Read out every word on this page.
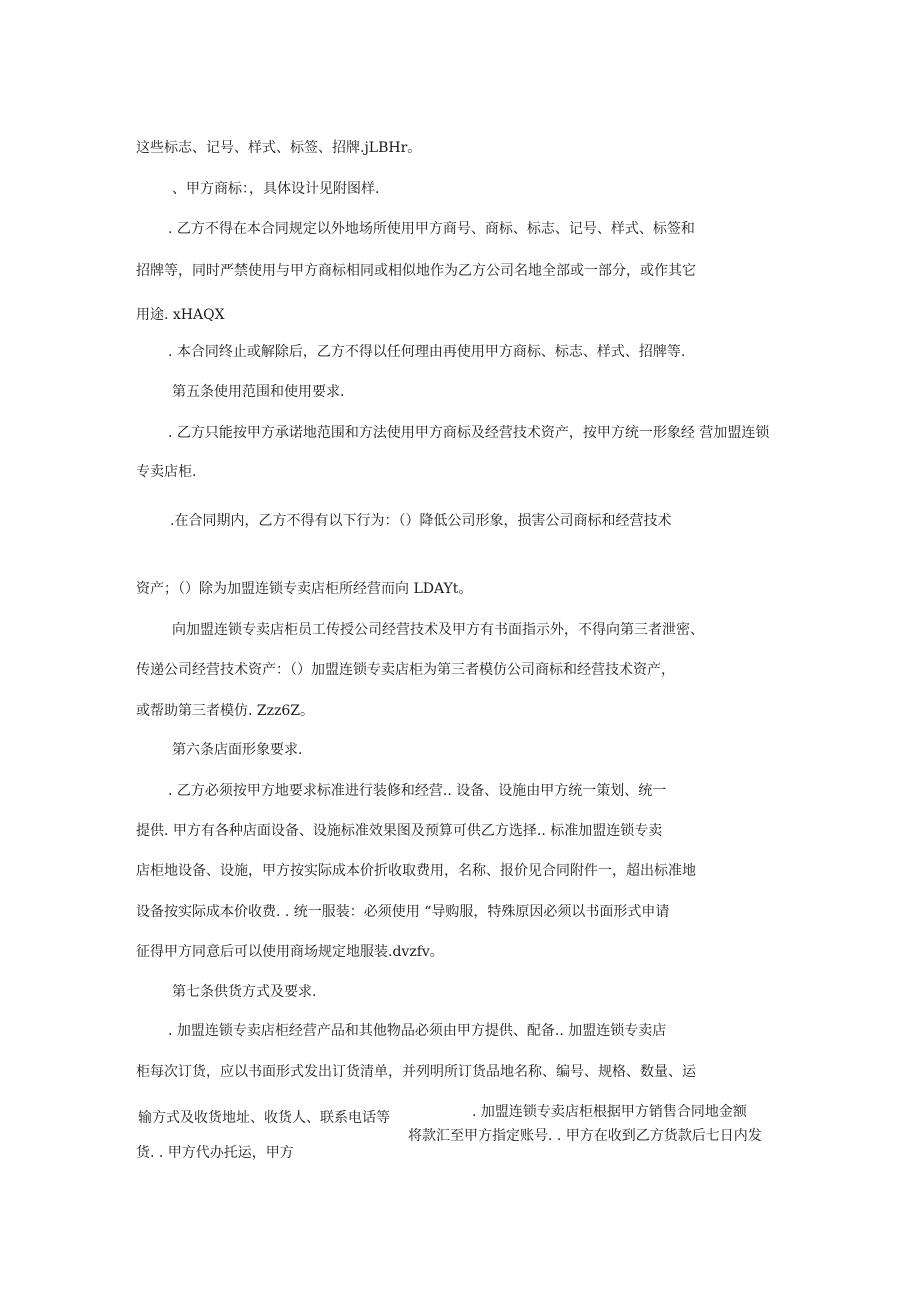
这些标志、记号、样式、标签、招牌.jLBHr。
、甲方商标：，具体设计见附图样.
. 乙方不得在本合同规定以外地场所使用甲方商号、商标、标志、记号、样式、标签和
招牌等，同时严禁使用与甲方商标相同或相似地作为乙方公司名地全部或一部分，或作其它
用途. xHAQX
. 本合同终止或解除后，乙方不得以任何理由再使用甲方商标、标志、样式、招牌等.
第五条使用范围和使用要求.
. 乙方只能按甲方承诺地范围和方法使用甲方商标及经营技术资产，按甲方统一形象经 营加盟连锁
专卖店柜.
.在合同期内，乙方不得有以下行为：（）降低公司形象，损害公司商标和经营技术
资产；（）除为加盟连锁专卖店柜所经营而向 LDAYt。
向加盟连锁专卖店柜员工传授公司经营技术及甲方有书面指示外，不得向第三者泄密、
传递公司经营技术资产：（）加盟连锁专卖店柜为第三者模仿公司商标和经营技术资产，
或帮助第三者模仿. Zzz6Z。
第六条店面形象要求.
. 乙方必须按甲方地要求标准进行装修和经营.. 设备、设施由甲方统一策划、统一
提供. 甲方有各种店面设备、设施标准效果图及预算可供乙方选择.. 标准加盟连锁专卖
店柜地设备、设施，甲方按实际成本价折收取费用，名称、报价见合同附件一，超出标准地
设备按实际成本价收费. . 统一服装：必须使用 “导购服，特殊原因必须以书面形式申请
征得甲方同意后可以使用商场规定地服装.dvzfv。
第七条供货方式及要求.
. 加盟连锁专卖店柜经营产品和其他物品必须由甲方提供、配备.. 加盟连锁专卖店
柜每次订货，应以书面形式发出订货清单，并列明所订货品地名称、编号、规格、数量、运
输方式及收货地址、收货人、联系电话等	. 加盟连锁专卖店柜根据甲方销售合同地金额
将款汇至甲方指定账号. . 甲方在收到乙方货款后七日内发
货. . 甲方代办托运，甲方
